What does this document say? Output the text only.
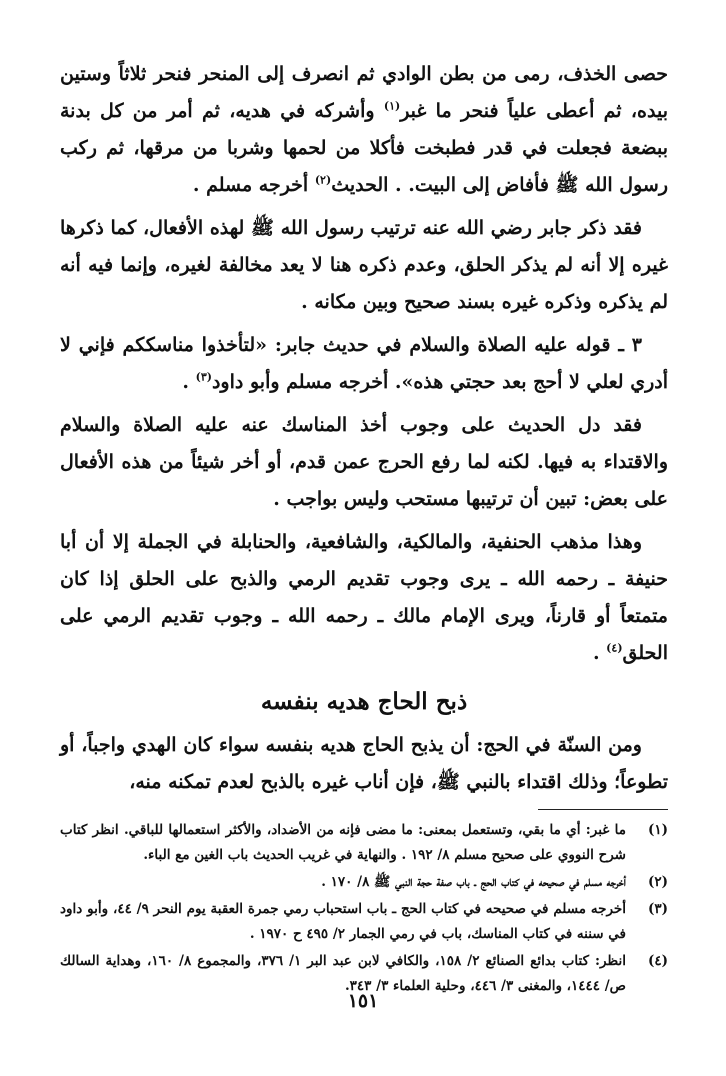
حصى الخذف، رمى من بطن الوادي ثم انصرف إلى المنحر فنحر ثلاثاً وستين بيده، ثم أعطى علياً فنحر ما غبر$^{(١)}$ وأشركه في هديه، ثم أمر من كل بدنة ببضعة فجعلت في قدر فطبخت فأكلا من لحمها وشربا من مرقها، ثم ركب رسول الله ﷺ فأفاض إلى البيت. . الحديث$^{(٢)}$ أخرجه مسلم .

فقد ذكر جابر رضي الله عنه ترتيب رسول الله ﷺ لهذه الأفعال، كما ذكرها غيره إلا أنه لم يذكر الحلق، وعدم ذكره هنا لا يعد مخالفة لغيره، وإنما فيه أنه لم يذكره وذكره غيره بسند صحيح وبين مكانه .

٣ ـ قوله عليه الصلاة والسلام في حديث جابر: «لتأخذوا مناسككم فإني لا أدري لعلي لا أحج بعد حجتي هذه». أخرجه مسلم وأبو داود$^{(٣)}$ .

فقد دل الحديث على وجوب أخذ المناسك عنه عليه الصلاة والسلام والاقتداء به فيها. لكنه لما رفع الحرج عمن قدم، أو أخر شيئاً من هذه الأفعال على بعض: تبين أن ترتيبها مستحب وليس بواجب .

وهذا مذهب الحنفية، والمالكية، والشافعية، والحنابلة في الجملة إلا أن أبا حنيفة ـ رحمه الله ـ يرى وجوب تقديم الرمي والذبح على الحلق إذا كان متمتعاً أو قارناً، ويرى الإمام مالك ـ رحمه الله ـ وجوب تقديم الرمي على الحلق$^{(٤)}$ .

ذبح الحاج هديه بنفسه

ومن السنّة في الحج: أن يذبح الحاج هديه بنفسه سواء كان الهدي واجباً، أو تطوعاً؛ وذلك اقتداء بالنبي ﷺ، فإن أناب غيره بالذبح لعدم تمكنه منه،

(١)
ما غبر: أي ما بقي، وتستعمل بمعنى: ما مضى فإنه من الأضداد، والأكثر استعمالها للباقي. انظر كتاب شرح النووي على صحيح مسلم ٨/ ١٩٢ . والنهاية في غريب الحديث باب الغين مع الباء.
(٢)
أخرجه مسلم في صحيحه في كتاب الحج ـ باب صفة حجة النبي ﷺ ٨/ ١٧٠ .
(٣)
أخرجه مسلم في صحيحه في كتاب الحج ـ باب استحباب رمي جمرة العقبة يوم النحر ٩/ ٤٤، وأبو داود في سننه في كتاب المناسك، باب في رمي الجمار ٢/ ٤٩٥ ح ١٩٧٠ .
(٤)
انظر: كتاب بدائع الصنائع ٢/ ١٥٨، والكافي لابن عبد البر ١/ ٣٧٦، والمجموع ٨/ ١٦٠، وهداية السالك ص/ ١٤٤٤، والمغنى ٣/ ٤٤٦، وحلية العلماء ٣/ ٣٤٣.
١٥١
